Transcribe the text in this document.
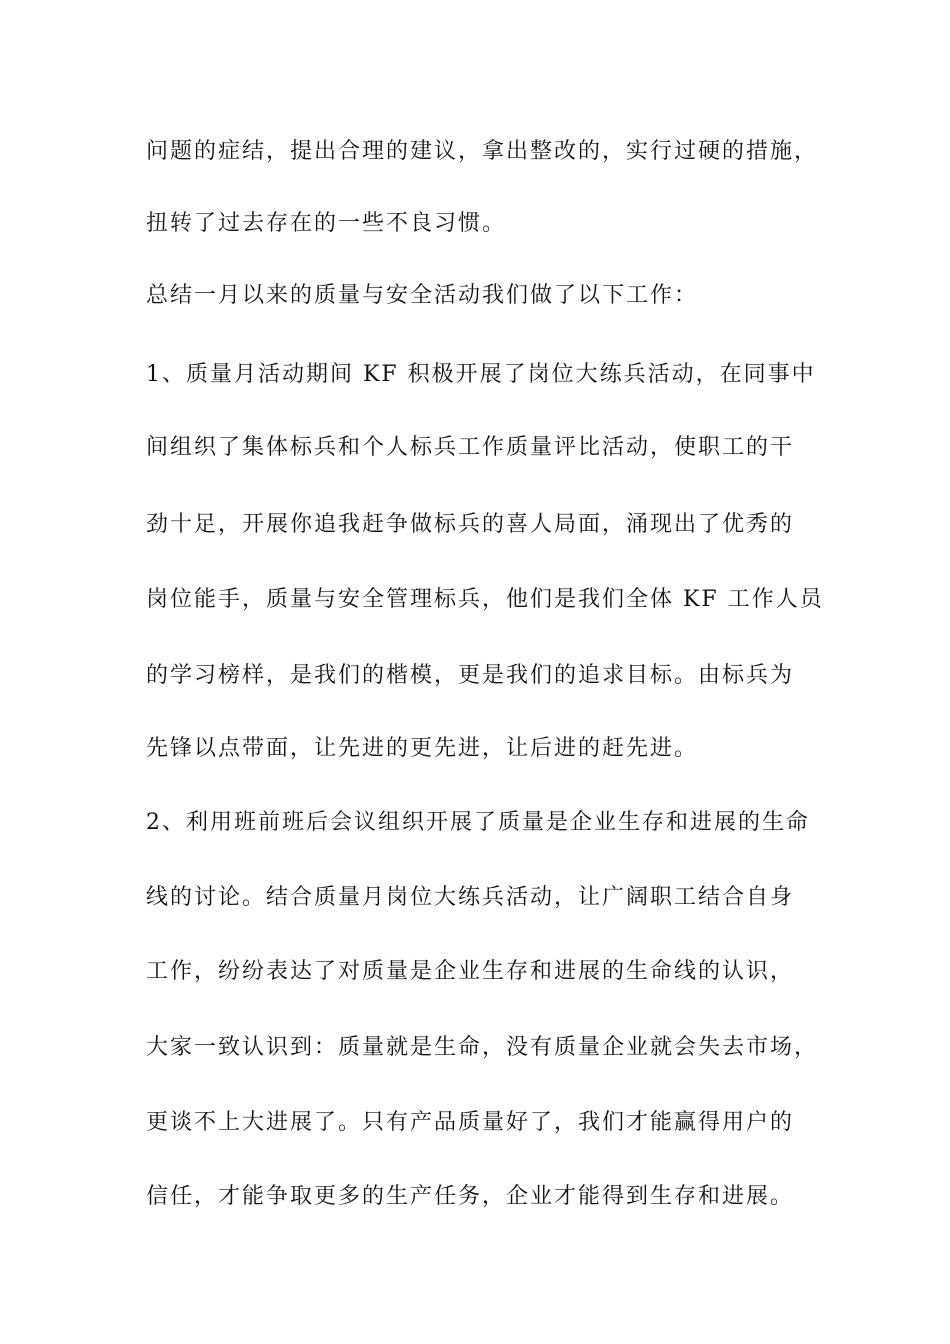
问题的症结，提出合理的建议，拿出整改的，实行过硬的措施，
扭转了过去存在的一些不良习惯。
总结一月以来的质量与安全活动我们做了以下工作：
1、质量月活动期间 KF 积极开展了岗位大练兵活动，在同事中
间组织了集体标兵和个人标兵工作质量评比活动，使职工的干
劲十足，开展你追我赶争做标兵的喜人局面，涌现出了优秀的
岗位能手，质量与安全管理标兵，他们是我们全体 KF 工作人员
的学习榜样，是我们的楷模，更是我们的追求目标。由标兵为
先锋以点带面，让先进的更先进，让后进的赶先进。
2、利用班前班后会议组织开展了质量是企业生存和进展的生命
线的讨论。结合质量月岗位大练兵活动，让广阔职工结合自身
工作，纷纷表达了对质量是企业生存和进展的生命线的认识，
大家一致认识到：质量就是生命，没有质量企业就会失去市场，
更谈不上大进展了。只有产品质量好了，我们才能赢得用户的
信任，才能争取更多的生产任务，企业才能得到生存和进展。
